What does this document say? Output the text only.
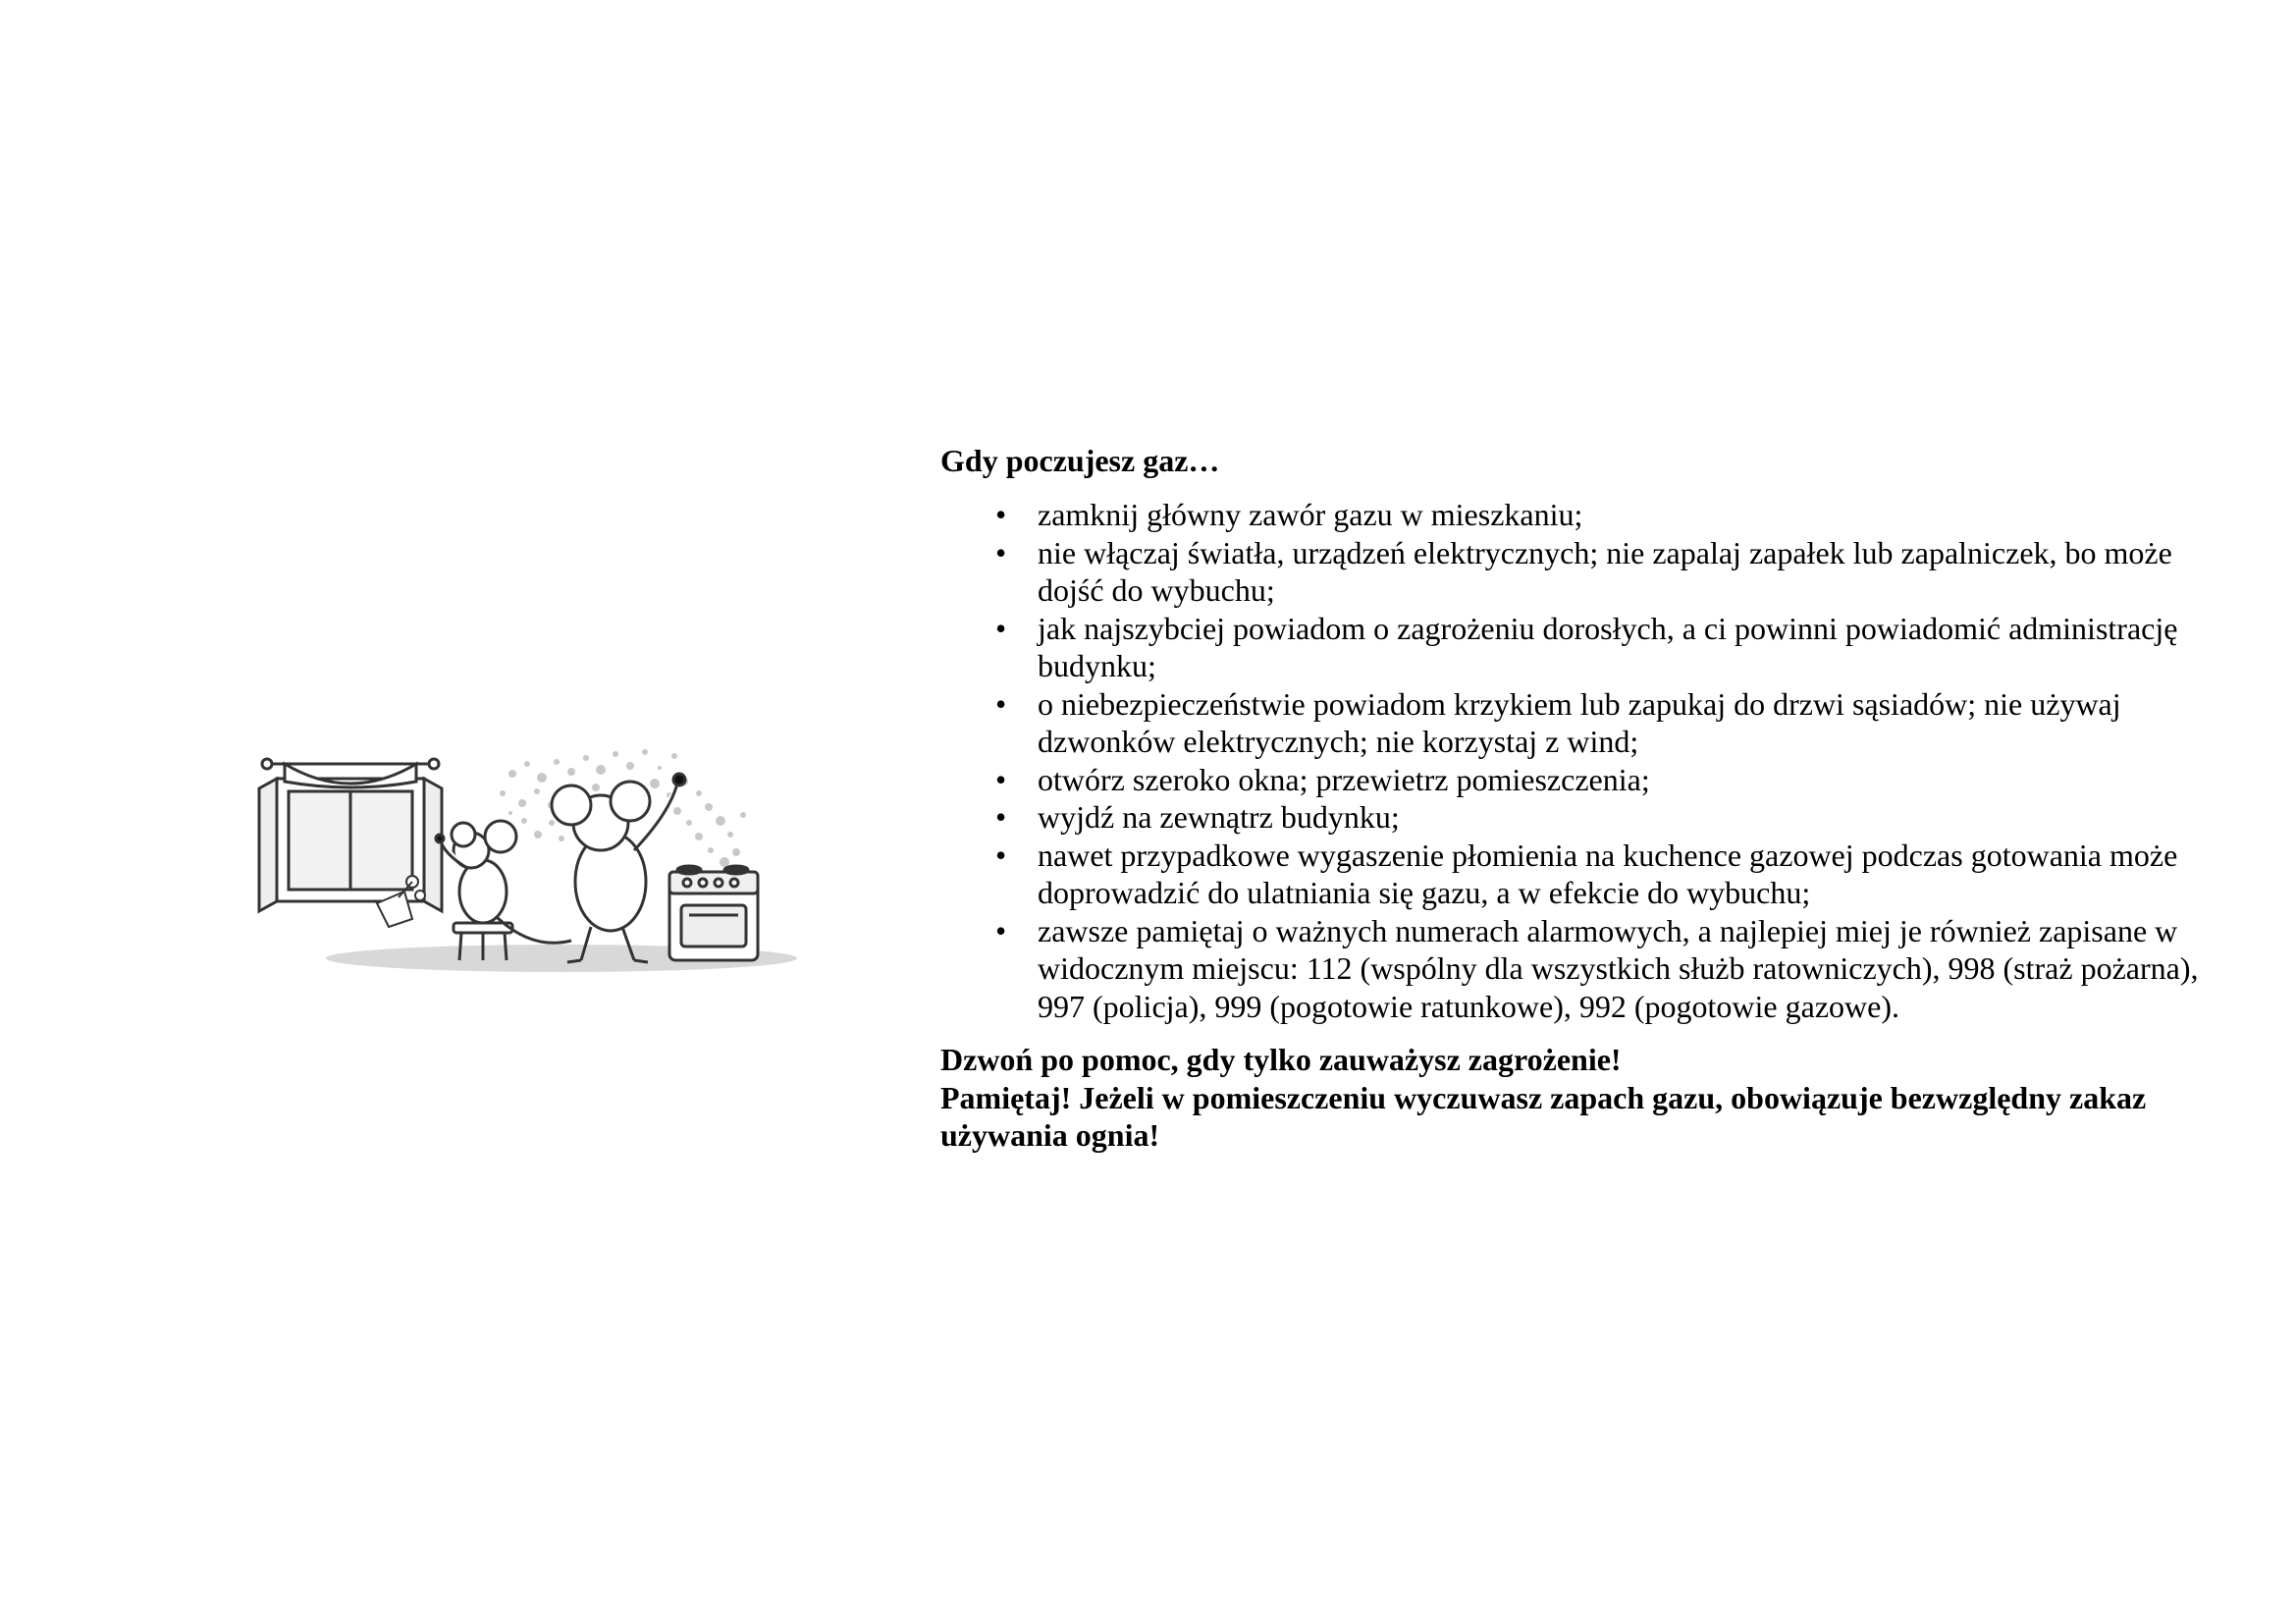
Gdy poczujesz gaz…

• zamknij główny zawór gazu w mieszkaniu;
• nie włączaj światła, urządzeń elektrycznych; nie zapalaj zapałek lub zapalniczek, bo może dojść do wybuchu;
• jak najszybciej powiadom o zagrożeniu dorosłych, a ci powinni powiadomić administrację budynku;
• o niebezpieczeństwie powiadom krzykiem lub zapukaj do drzwi sąsiadów; nie używaj dzwonków elektrycznych; nie korzystaj z wind;
• otwórz szeroko okna; przewietrz pomieszczenia;
• wyjdź na zewnątrz budynku;
• nawet przypadkowe wygaszenie płomienia na kuchence gazowej podczas gotowania może doprowadzić do ulatniania się gazu, a w efekcie do wybuchu;
• zawsze pamiętaj o ważnych numerach alarmowych, a najlepiej miej je również zapisane w widocznym miejscu: 112 (wspólny dla wszystkich służb ratowniczych), 998 (straż pożarna), 997 (policja), 999 (pogotowie ratunkowe), 992 (pogotowie gazowe).

Dzwoń po pomoc, gdy tylko zauważysz zagrożenie!

Pamiętaj! Jeżeli w pomieszczeniu wyczuwasz zapach gazu, obowiązuje bezwzględny zakaz używania ognia!
